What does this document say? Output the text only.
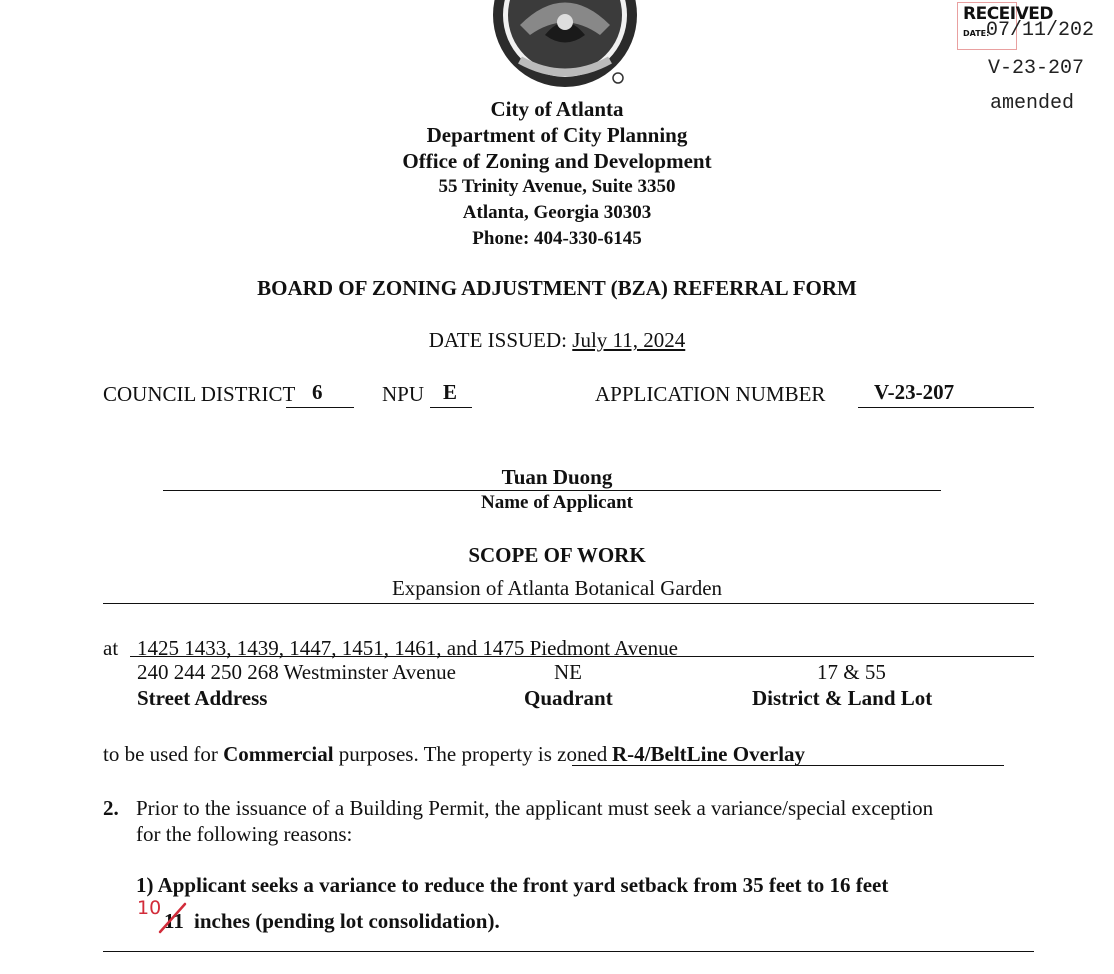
RECEIVED
DATE:
07/11/202
V-23-207
amended
City of Atlanta
Department of City Planning
Office of Zoning and Development
55 Trinity Avenue, Suite 3350
Atlanta, Georgia 30303
Phone: 404-330-6145
BOARD OF ZONING ADJUSTMENT (BZA) REFERRAL FORM
DATE ISSUED: July 11, 2024
COUNCIL DISTRICT 6	NPU E	APPLICATION NUMBER V-23-207
Tuan Duong
Name of Applicant
SCOPE OF WORK
Expansion of Atlanta Botanical Garden
at 1425 1433, 1439, 1447, 1451, 1461, and 1475 Piedmont Avenue
240 244 250 268 Westminster Avenue	NE	17 & 55
Street Address	Quadrant	District & Land Lot
to be used for Commercial purposes. The property is zoned R-4/BeltLine Overlay
2. Prior to the issuance of a Building Permit, the applicant must seek a variance/special exception
for the following reasons:
1) Applicant seeks a variance to reduce the front yard setback from 35 feet to 16 feet
10
11 inches (pending lot consolidation).
